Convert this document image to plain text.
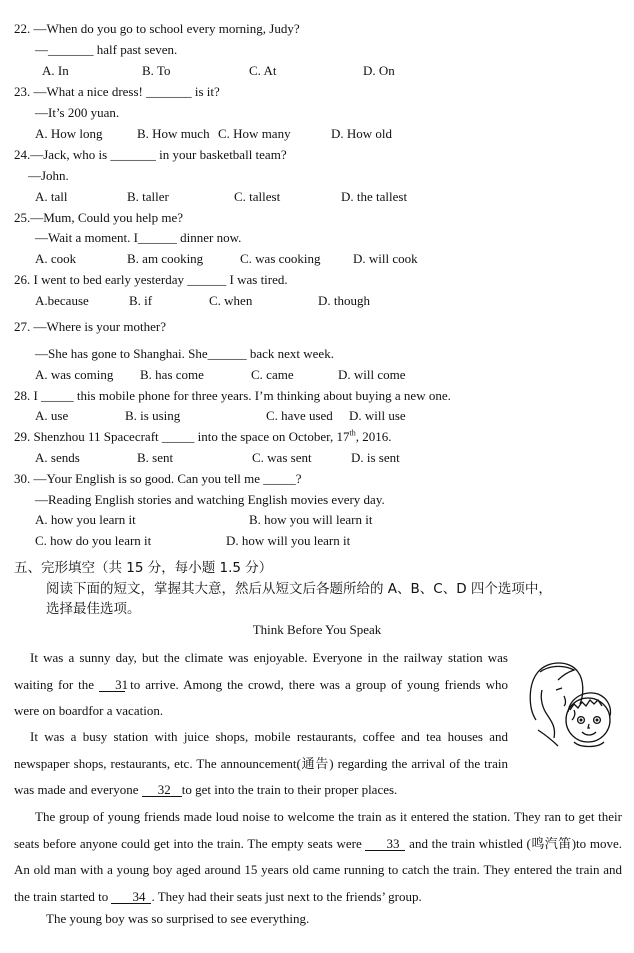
22. —When do you go to school every morning, Judy?
—_______ half past seven.
A. In	B. To	C. At	D. On
23. —What a nice dress! _______ is it?
—It’s 200 yuan.
A. How long	B. How much C. How many	D. How old
24.—Jack, who is _______ in your basketball team?
—John.
A. tall	B. taller	C. tallest	D. the tallest
25.—Mum, Could you help me?
—Wait a moment. I______ dinner now.
A. cook	B. am cooking	C. was cooking D. will cook
26. I went to bed early yesterday ______ I was tired.
A.because	B. if	C. when	D. though
27. —Where is your mother?
—She has gone to Shanghai. She______ back next week.
A. was coming B. has come	C. came	D. will come
28. I _____ this mobile phone for three years. I’m thinking about buying a new one.
A. use	B. is using	C. have used D. will use
29. Shenzhou 11 Spacecraft _____ into the space on October, 17th, 2016.
A. sends	B. sent	C. was sent	D. is sent
30. —Your English is so good. Can you tell me _____?
—Reading English stories and watching English movies every day.
A. how you learn it	B. how you will learn it
C. how do you learn it	D. how will you learn it
五、完形填空（共 15 分，每小题 1.5 分）
阅读下面的短文，掌握其大意，然后从短文后各题所给的 A、B、C、D 四个选项中，
选择最佳选项。
Think Before You Speak
It was a sunny day, but the climate was enjoyable. Everyone in the railway station was waiting for the 31 to arrive. Among the crowd, there was a group of young friends who were on boardfor a vacation.
It was a busy station with juice shops, mobile restaurants, coffee and tea houses and newspaper shops, restaurants, etc. The announcement(通告) regarding the arrival of the train was made and everyone 32 to get into the train to their proper places.
The group of young friends made loud noise to welcome the train as it entered the station. They ran to get their seats before anyone could get into the train. The empty seats were 33 and the train whistled (鸣汽笛)to move. An old man with a young boy aged around 15 years old came running to catch the train. They entered the train and the train started to 34 . They had their seats just next to the friends’ group.
The young boy was so surprised to see everything.
